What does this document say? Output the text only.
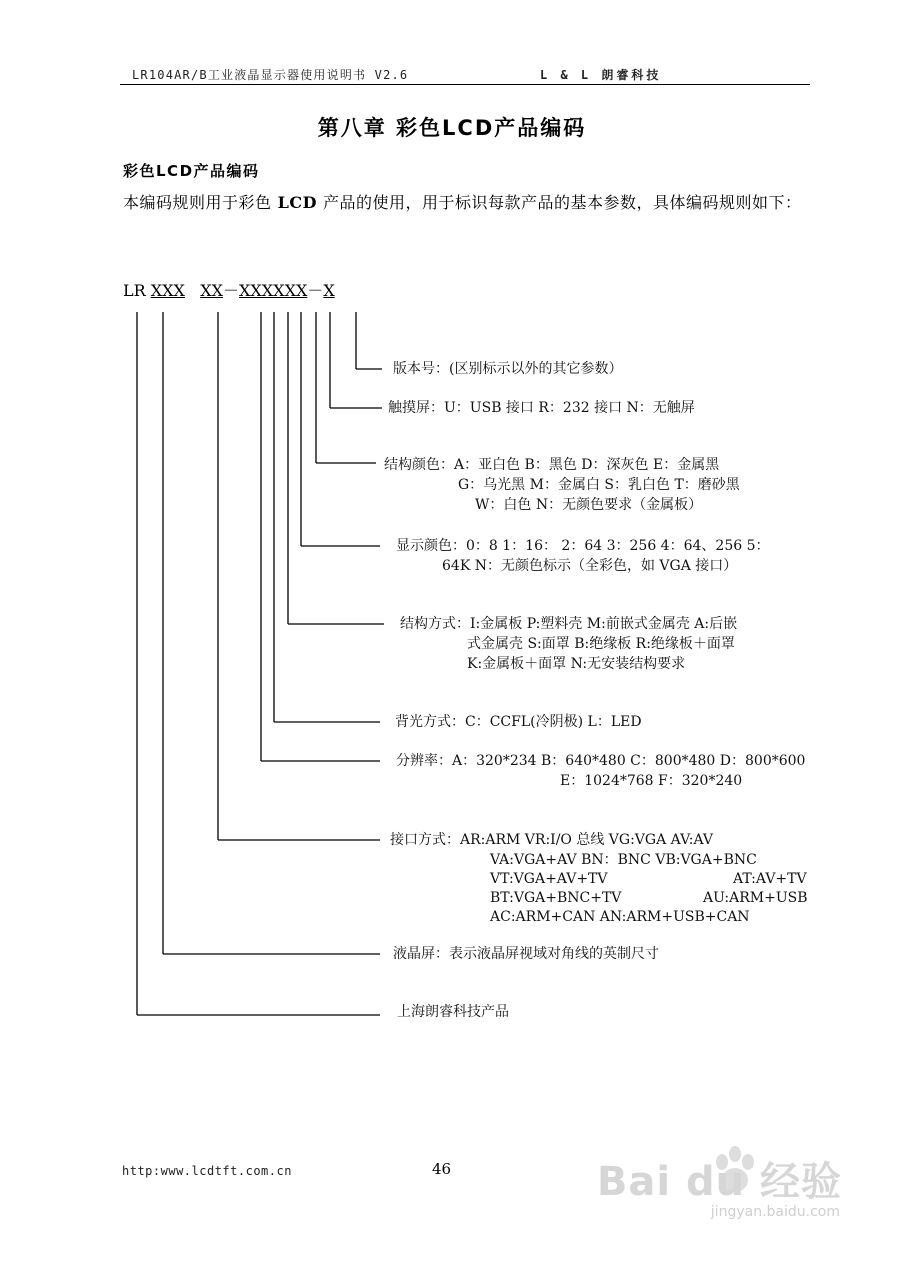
LR104AR/B工业液晶显示器使用说明书 V2.6	L & L 朗睿科技
第八章 彩色LCD产品编码
彩色LCD产品编码
本编码规则用于彩色 LCD 产品的使用，用于标识每款产品的基本参数，具体编码规则如下：
LR XXX XX－XXXXXX－X
版本号：(区别标示以外的其它参数）
触摸屏：U：USB 接口 R：232 接口 N：无触屏
结构颜色：A：亚白色 B：黑色 D：深灰色 E：金属黑
G：乌光黑 M：金属白 S：乳白色 T：磨砂黑
W：白色 N：无颜色要求（金属板）
显示颜色：0：8 1：16： 2：64 3：256 4：64、256 5：
64K N：无颜色标示（全彩色，如 VGA 接口）
结构方式：I:金属板 P:塑料壳 M:前嵌式金属壳 A:后嵌
式金属壳 S:面罩 B:绝缘板 R:绝缘板＋面罩
K:金属板＋面罩 N:无安装结构要求
背光方式：C：CCFL(冷阴极) L：LED
分辨率：A：320*234 B：640*480 C：800*480 D：800*600
E：1024*768 F：320*240
接口方式：AR:ARM VR:I/O 总线 VG:VGA AV:AV
VA:VGA+AV BN：BNC VB:VGA+BNC
VT:VGA+AV+TV	AT:AV+TV
BT:VGA+BNC+TV	AU:ARM+USB
AC:ARM+CAN AN:ARM+USB+CAN
液晶屏：表示液晶屏视域对角线的英制尺寸
上海朗睿科技产品
http:www.lcdtft.com.cn	46	Bai du 经验
jingyan.baidu.com
